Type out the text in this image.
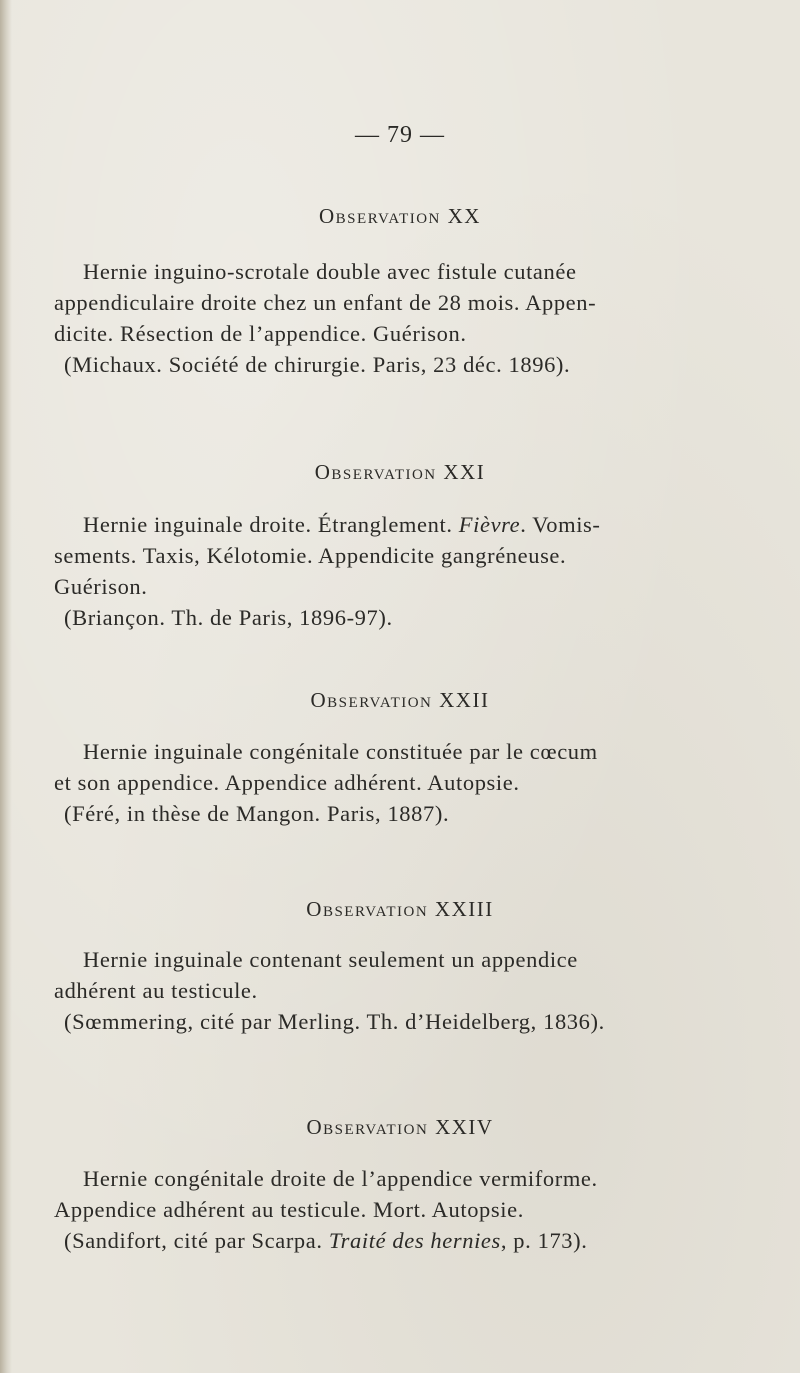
— 79 —
Observation XX

Hernie inguino-scrotale double avec fistule cutanée
appendiculaire droite chez un enfant de 28 mois. Appen-
dicite. Résection de l’appendice. Guérison.
(Michaux. Société de chirurgie. Paris, 23 déc. 1896).

Observation XXI

Hernie inguinale droite. Étranglement. Fièvre. Vomis-
sements. Taxis, Kélotomie. Appendicite gangréneuse.
Guérison.
(Briançon. Th. de Paris, 1896-97).

Observation XXII

Hernie inguinale congénitale constituée par le cœcum
et son appendice. Appendice adhérent. Autopsie.
(Féré, in thèse de Mangon. Paris, 1887).

Observation XXIII

Hernie inguinale contenant seulement un appendice
adhérent au testicule.
(Sœmmering, cité par Merling. Th. d’Heidelberg, 1836).

Observation XXIV

Hernie congénitale droite de l’appendice vermiforme.
Appendice adhérent au testicule. Mort. Autopsie.
(Sandifort, cité par Scarpa. Traité des hernies, p. 173).
